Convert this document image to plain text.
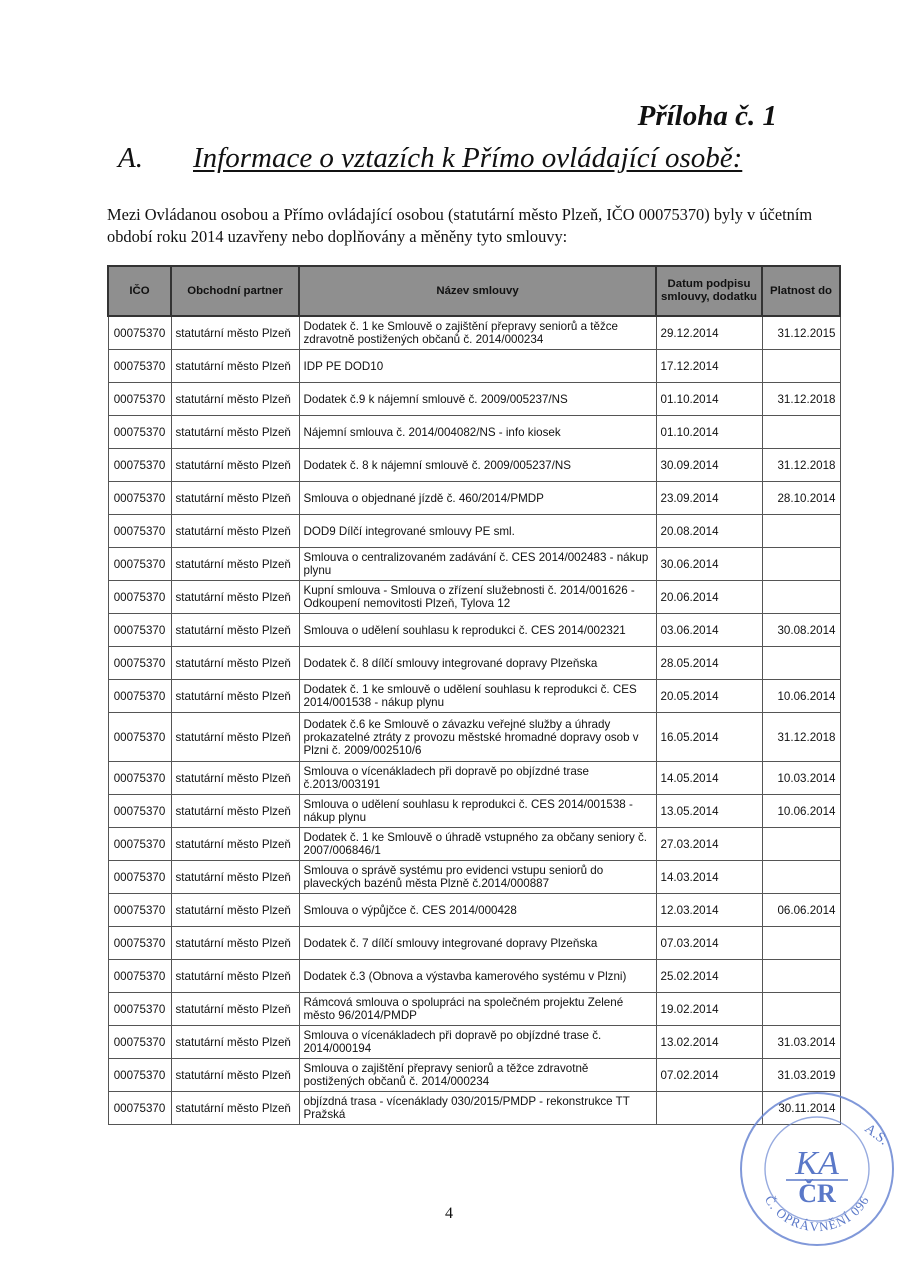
Příloha č. 1
A. Informace o vztazích k Přímo ovládající osobě:
Mezi Ovládanou osobou a Přímo ovládající osobou (statutární město Plzeň, IČO 00075370) byly v účetním období roku 2014 uzavřeny nebo doplňovány a měněny tyto smlouvy:
IČO	Obchodní partner	Název smlouvy	Datum podpisu smlouvy, dodatku	Platnost do
00075370	statutární město Plzeň	Dodatek č. 1 ke Smlouvě o zajištění přepravy seniorů a těžce zdravotně postižených občanů č. 2014/000234	29.12.2014	31.12.2015
00075370	statutární město Plzeň	IDP PE DOD10	17.12.2014	
00075370	statutární město Plzeň	Dodatek č.9 k nájemní smlouvě č. 2009/005237/NS	01.10.2014	31.12.2018
00075370	statutární město Plzeň	Nájemní smlouva č. 2014/004082/NS - info kiosek	01.10.2014	
00075370	statutární město Plzeň	Dodatek č. 8 k nájemní smlouvě č. 2009/005237/NS	30.09.2014	31.12.2018
00075370	statutární město Plzeň	Smlouva o objednané jízdě č. 460/2014/PMDP	23.09.2014	28.10.2014
00075370	statutární město Plzeň	DOD9 Dílčí integrované smlouvy PE sml.	20.08.2014	
00075370	statutární město Plzeň	Smlouva o centralizovaném zadávání č. CES 2014/002483 - nákup plynu	30.06.2014	
00075370	statutární město Plzeň	Kupní smlouva - Smlouva o zřízení služebnosti č. 2014/001626 - Odkoupení nemovitosti Plzeň, Tylova 12	20.06.2014	
00075370	statutární město Plzeň	Smlouva o udělení souhlasu k reprodukci č. CES 2014/002321	03.06.2014	30.08.2014
00075370	statutární město Plzeň	Dodatek č. 8 dílčí smlouvy integrované dopravy Plzeňska	28.05.2014	
00075370	statutární město Plzeň	Dodatek č. 1 ke smlouvě o udělení souhlasu k reprodukci č. CES 2014/001538 - nákup plynu	20.05.2014	10.06.2014
00075370	statutární město Plzeň	Dodatek č.6 ke Smlouvě o závazku veřejné služby a úhrady prokazatelné ztráty z provozu městské hromadné dopravy osob v Plzni č. 2009/002510/6	16.05.2014	31.12.2018
00075370	statutární město Plzeň	Smlouva o vícenákladech při dopravě po objízdné trase č.2013/003191	14.05.2014	10.03.2014
00075370	statutární město Plzeň	Smlouva o udělení souhlasu k reprodukci č. CES 2014/001538 - nákup plynu	13.05.2014	10.06.2014
00075370	statutární město Plzeň	Dodatek č. 1 ke Smlouvě o úhradě vstupného za občany seniory č. 2007/006846/1	27.03.2014	
00075370	statutární město Plzeň	Smlouva o správě systému pro evidenci vstupu seniorů do plaveckých bazénů města Plzně č.2014/000887	14.03.2014	
00075370	statutární město Plzeň	Smlouva o výpůjčce č. CES 2014/000428	12.03.2014	06.06.2014
00075370	statutární město Plzeň	Dodatek č. 7 dílčí smlouvy integrované dopravy Plzeňska	07.03.2014	
00075370	statutární město Plzeň	Dodatek č.3 (Obnova a výstavba kamerového systému v Plzni)	25.02.2014	
00075370	statutární město Plzeň	Rámcová smlouva o spolupráci na společném projektu Zelené město 96/2014/PMDP	19.02.2014	
00075370	statutární město Plzeň	Smlouva o vícenákladech při dopravě po objízdné trase č. 2014/000194	13.02.2014	31.03.2014
00075370	statutární město Plzeň	Smlouva o zajištění přepravy seniorů a těžce zdravotně postižených občanů č. 2014/000234	07.02.2014	31.03.2019
00075370	statutární město Plzeň	objízdná trasa - vícenáklady 030/2015/PMDP - rekonstrukce TT Pražská		30.11.2014
4
A.S.
KA
ČR
Č. OPRÁVNĚNÍ 096
